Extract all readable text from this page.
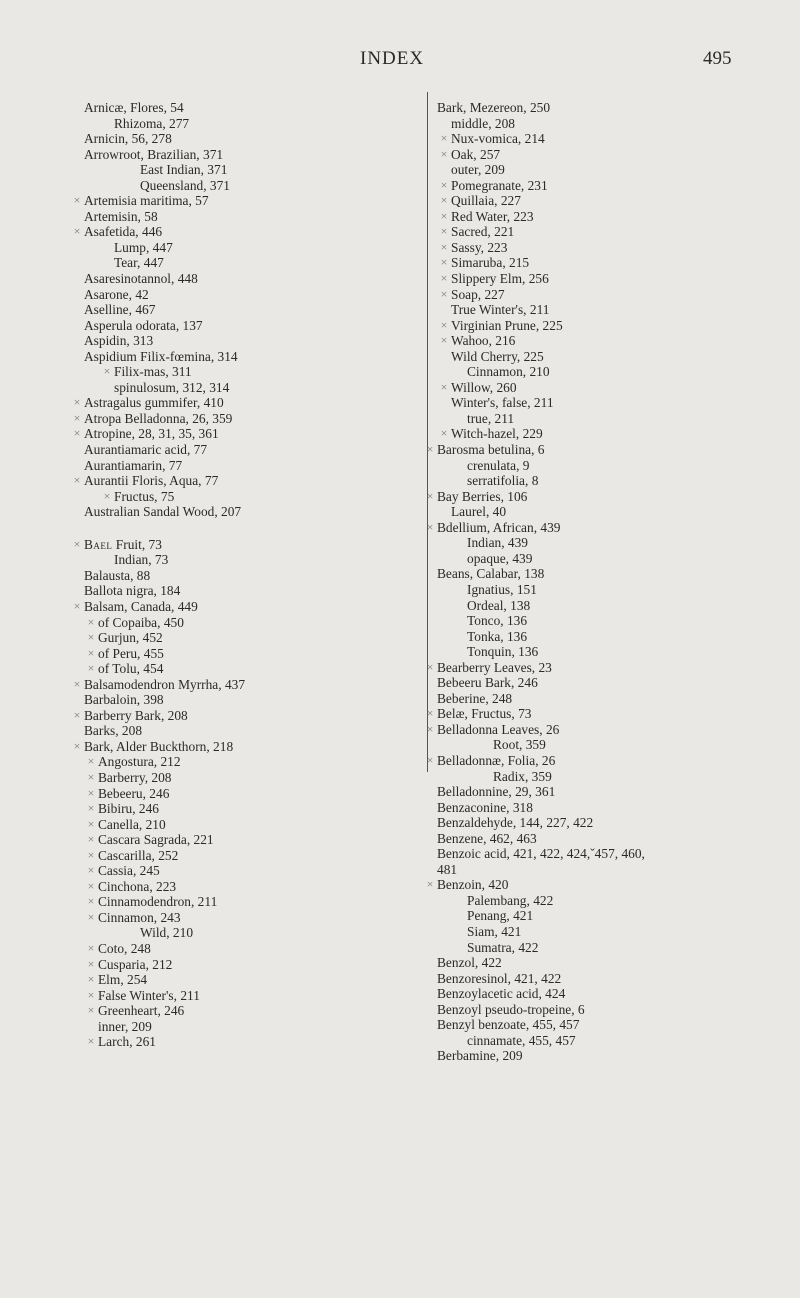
INDEX	495
Arnicæ, Flores, 54
Rhizoma, 277
Arnicin, 56, 278
Arrowroot, Brazilian, 371
East Indian, 371
Queensland, 371
× Artemisia maritima, 57
Artemisin, 58
× Asafetida, 446
Lump, 447
Tear, 447
Asaresinotannol, 448
Asarone, 42
Aselline, 467
Asperula odorata, 137
Aspidin, 313
Aspidium Filix-fœmina, 314
× Filix-mas, 311
spinulosum, 312, 314
× Astragalus gummifer, 410
× Atropa Belladonna, 26, 359
× Atropine, 28, 31, 35, 361
Aurantiamaric acid, 77
Aurantiamarin, 77
× Aurantii Floris, Aqua, 77
× Fructus, 75
Australian Sandal Wood, 207
× Bael Fruit, 73
Indian, 73
Balausta, 88
Ballota nigra, 184
× Balsam, Canada, 449
× of Copaiba, 450
× Gurjun, 452
× of Peru, 455
× of Tolu, 454
× Balsamodendron Myrrha, 437
Barbaloin, 398
× Barberry Bark, 208
Barks, 208
× Bark, Alder Buckthorn, 218
× Angostura, 212
× Barberry, 208
× Bebeeru, 246
× Bibiru, 246
× Canella, 210
× Cascara Sagrada, 221
× Cascarilla, 252
× Cassia, 245
× Cinchona, 223
× Cinnamodendron, 211
× Cinnamon, 243
Wild, 210
× Coto, 248
× Cusparia, 212
× Elm, 254
× False Winter's, 211
× Greenheart, 246
inner, 209
× Larch, 261
Bark, Mezereon, 250
middle, 208
× Nux-vomica, 214
× Oak, 257
outer, 209
× Pomegranate, 231
× Quillaia, 227
× Red Water, 223
× Sacred, 221
× Sassy, 223
× Simaruba, 215
× Slippery Elm, 256
× Soap, 227
True Winter's, 211
× Virginian Prune, 225
× Wahoo, 216
Wild Cherry, 225
Cinnamon, 210
× Willow, 260
Winter's, false, 211
true, 211
× Witch-hazel, 229
× Barosma betulina, 6
crenulata, 9
serratifolia, 8
× Bay Berries, 106
Laurel, 40
× Bdellium, African, 439
Indian, 439
opaque, 439
Beans, Calabar, 138
Ignatius, 151
Ordeal, 138
Tonco, 136
Tonka, 136
Tonquin, 136
× Bearberry Leaves, 23
Bebeeru Bark, 246
Beberine, 248
× Belæ, Fructus, 73
× Belladonna Leaves, 26
Root, 359
× Belladonnæ, Folia, 26
Radix, 359
Belladonnine, 29, 361
Benzaconine, 318
Benzaldehyde, 144, 227, 422
Benzene, 462, 463
Benzoic acid, 421, 422, 424,ˇ457, 460,
481
× Benzoin, 420
Palembang, 422
Penang, 421
Siam, 421
Sumatra, 422
Benzol, 422
Benzoresinol, 421, 422
Benzoylacetic acid, 424
Benzoyl pseudo-tropeine, 6
Benzyl benzoate, 455, 457
cinnamate, 455, 457
Berbamine, 209
